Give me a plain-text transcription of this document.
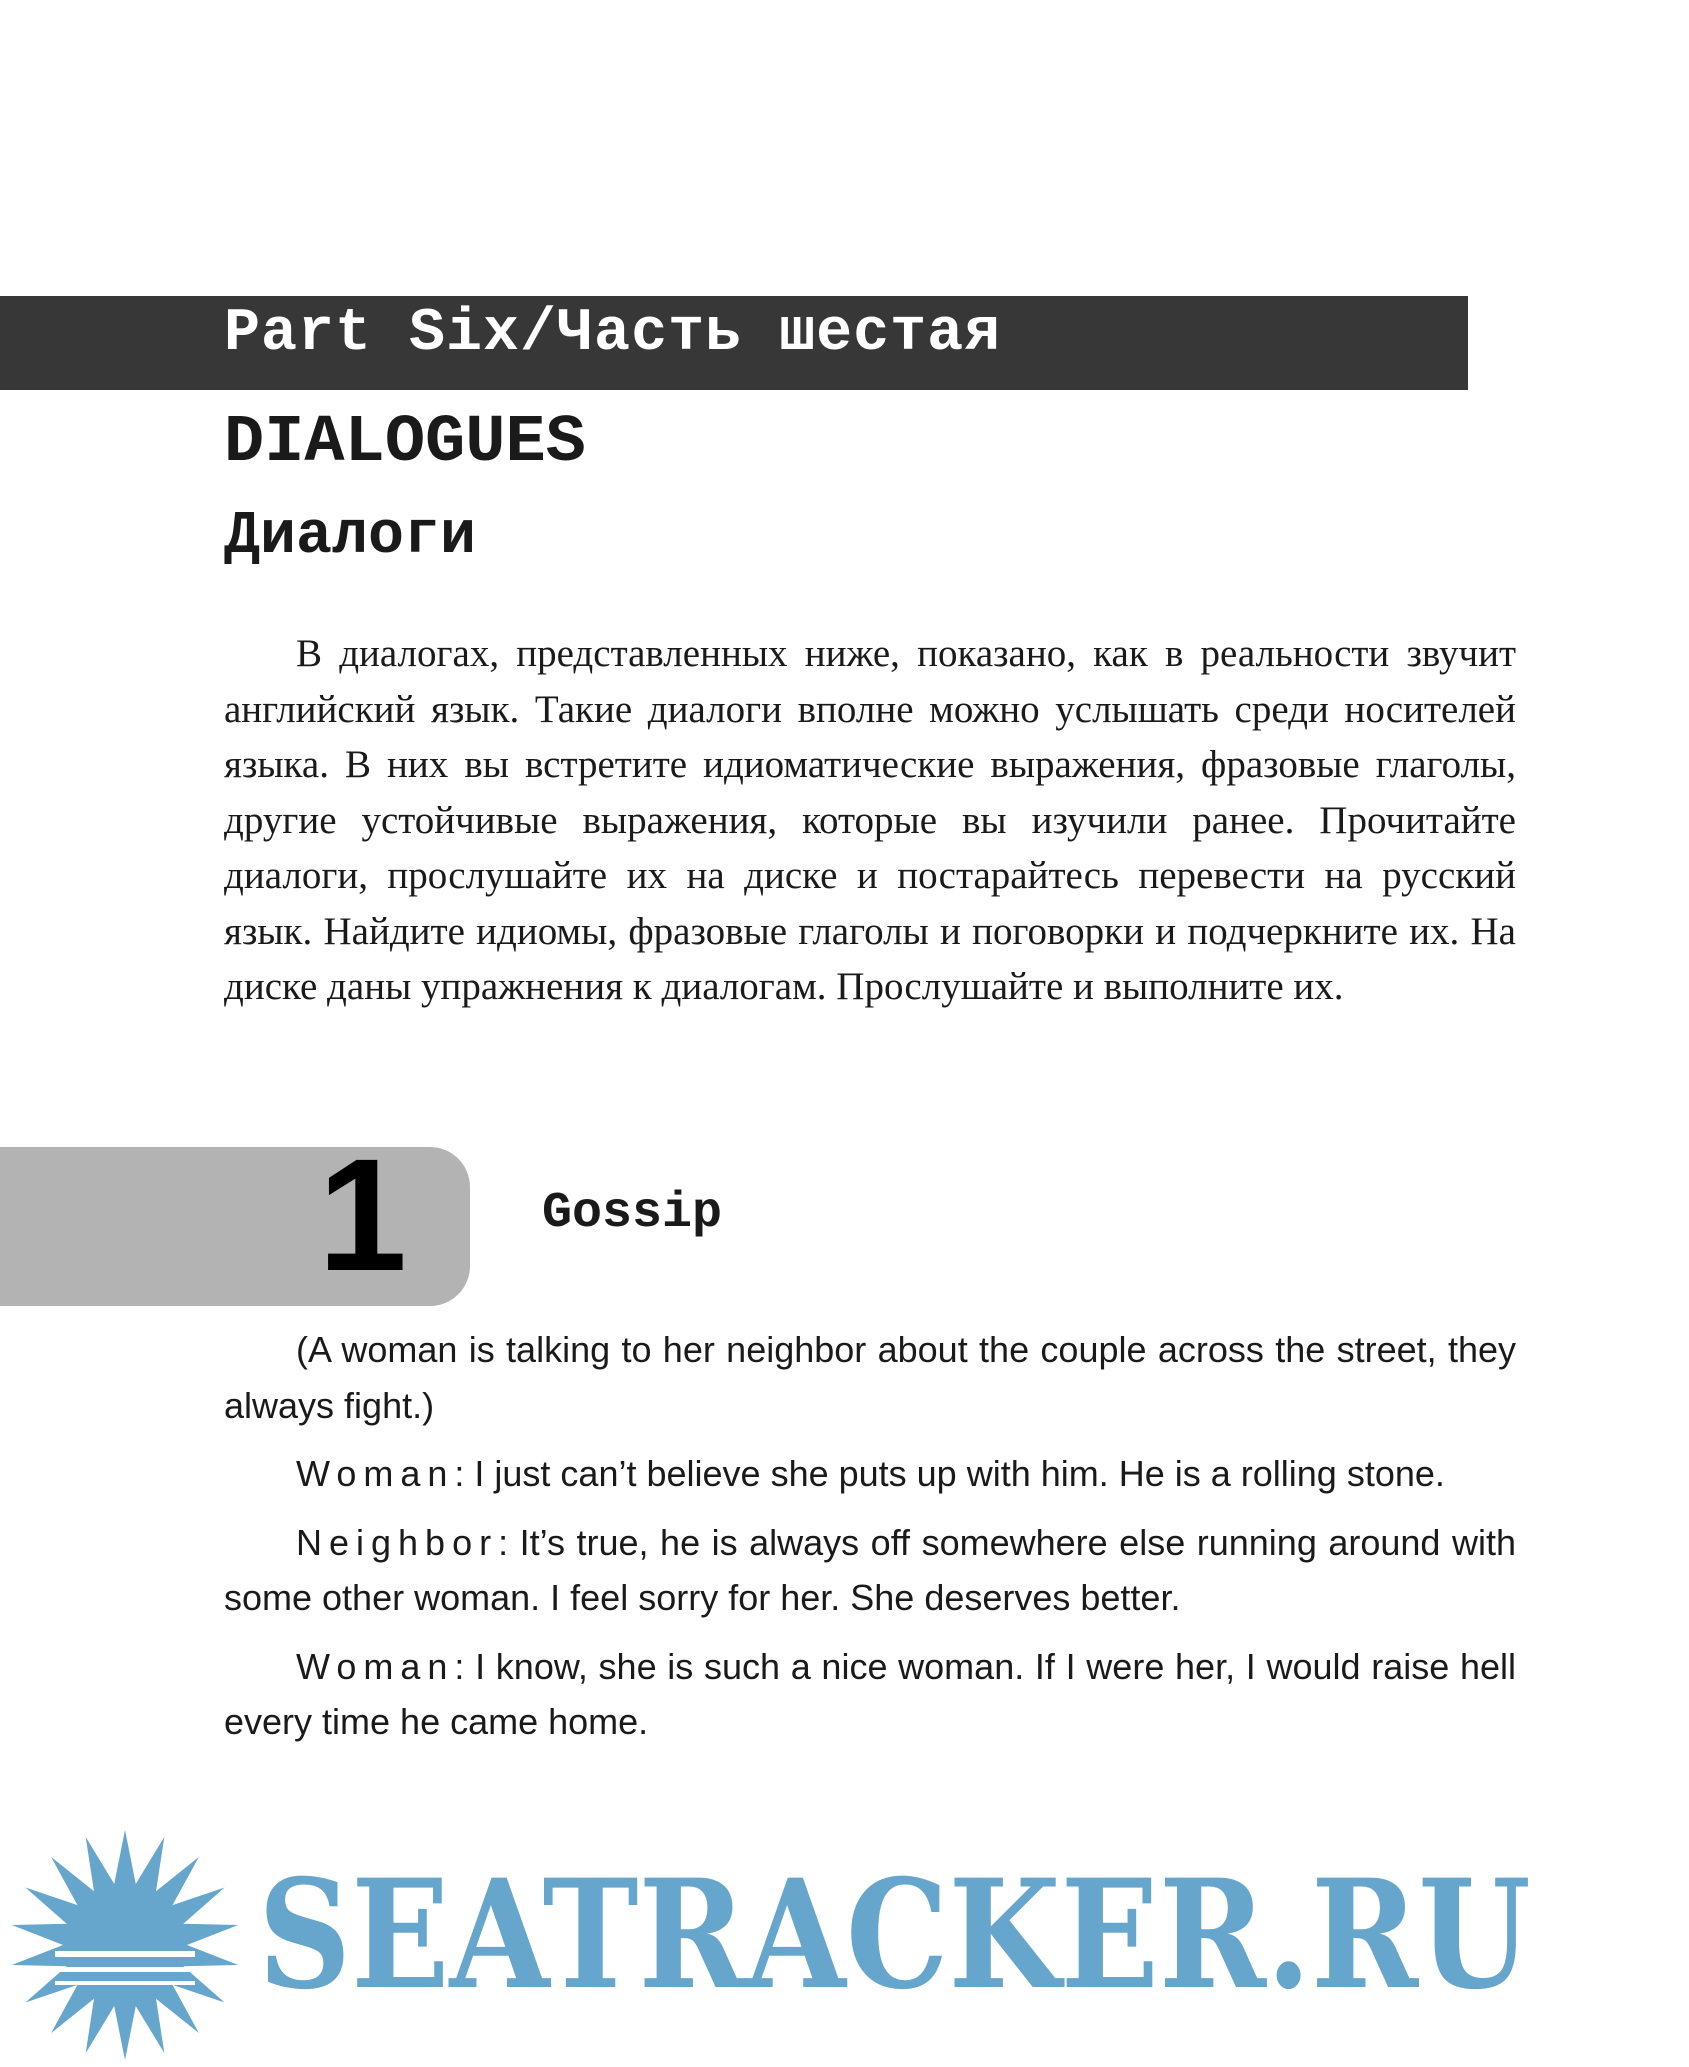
Part Six/Часть шестая
DIALOGUES
Диалоги

В диалогах, представленных ниже, показано, как в реальности звучит английский язык. Такие диалоги вполне можно услышать среди носителей языка. В них вы встретите идиоматические выражения, фразовые глаголы, другие устойчивые выражения, которые вы изучили ранее. Прочитайте диалоги, прослушайте их на диске и постарайтесь перевести на русский язык. Найдите идиомы, фразовые глаголы и поговорки и подчеркните их. На диске даны упражнения к диалогам. Прослушайте и выполните их.

1	Gossip

(A woman is talking to her neighbor about the couple across the street, they always fight.)

Woman: I just can’t believe she puts up with him. He is a rolling stone.

Neighbor: It’s true, he is always off somewhere else running around with some other woman. I feel sorry for her. She deserves better.

Woman: I know, she is such a nice woman. If I were her, I would raise hell every time he came home.

SEATRACKER.RU
